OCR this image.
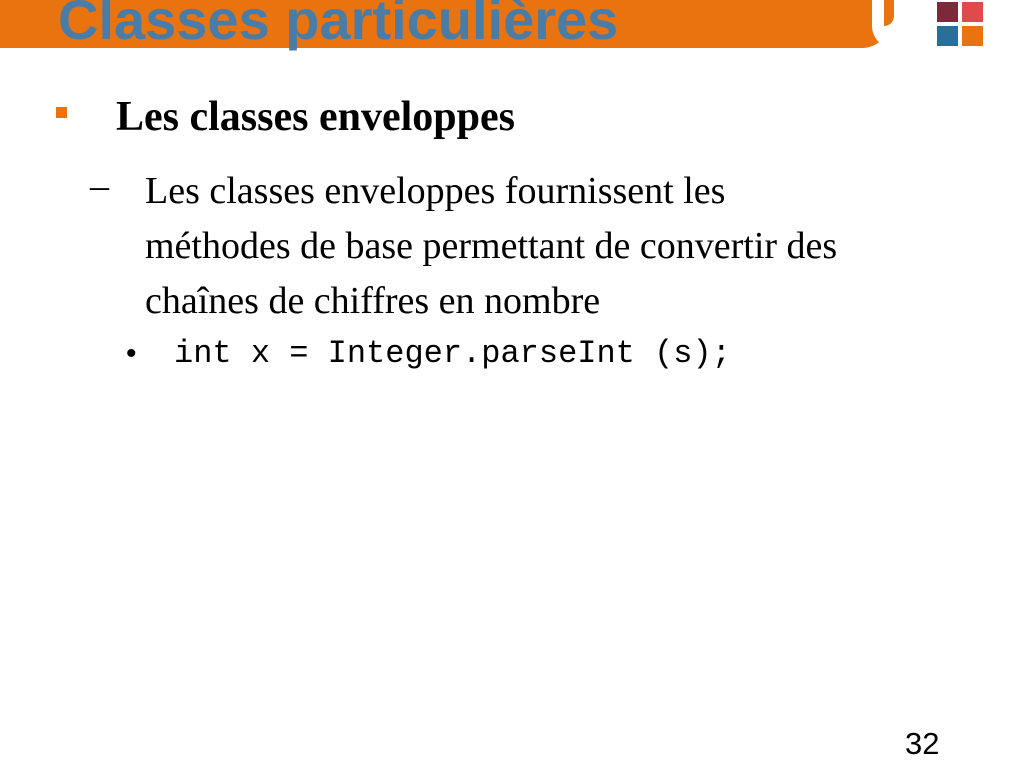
Classes particulières

Les classes enveloppes

– Les classes enveloppes fournissent les
méthodes de base permettant de convertir des
chaînes de chiffres en nombre

• int x = Integer.parseInt (s);

32
